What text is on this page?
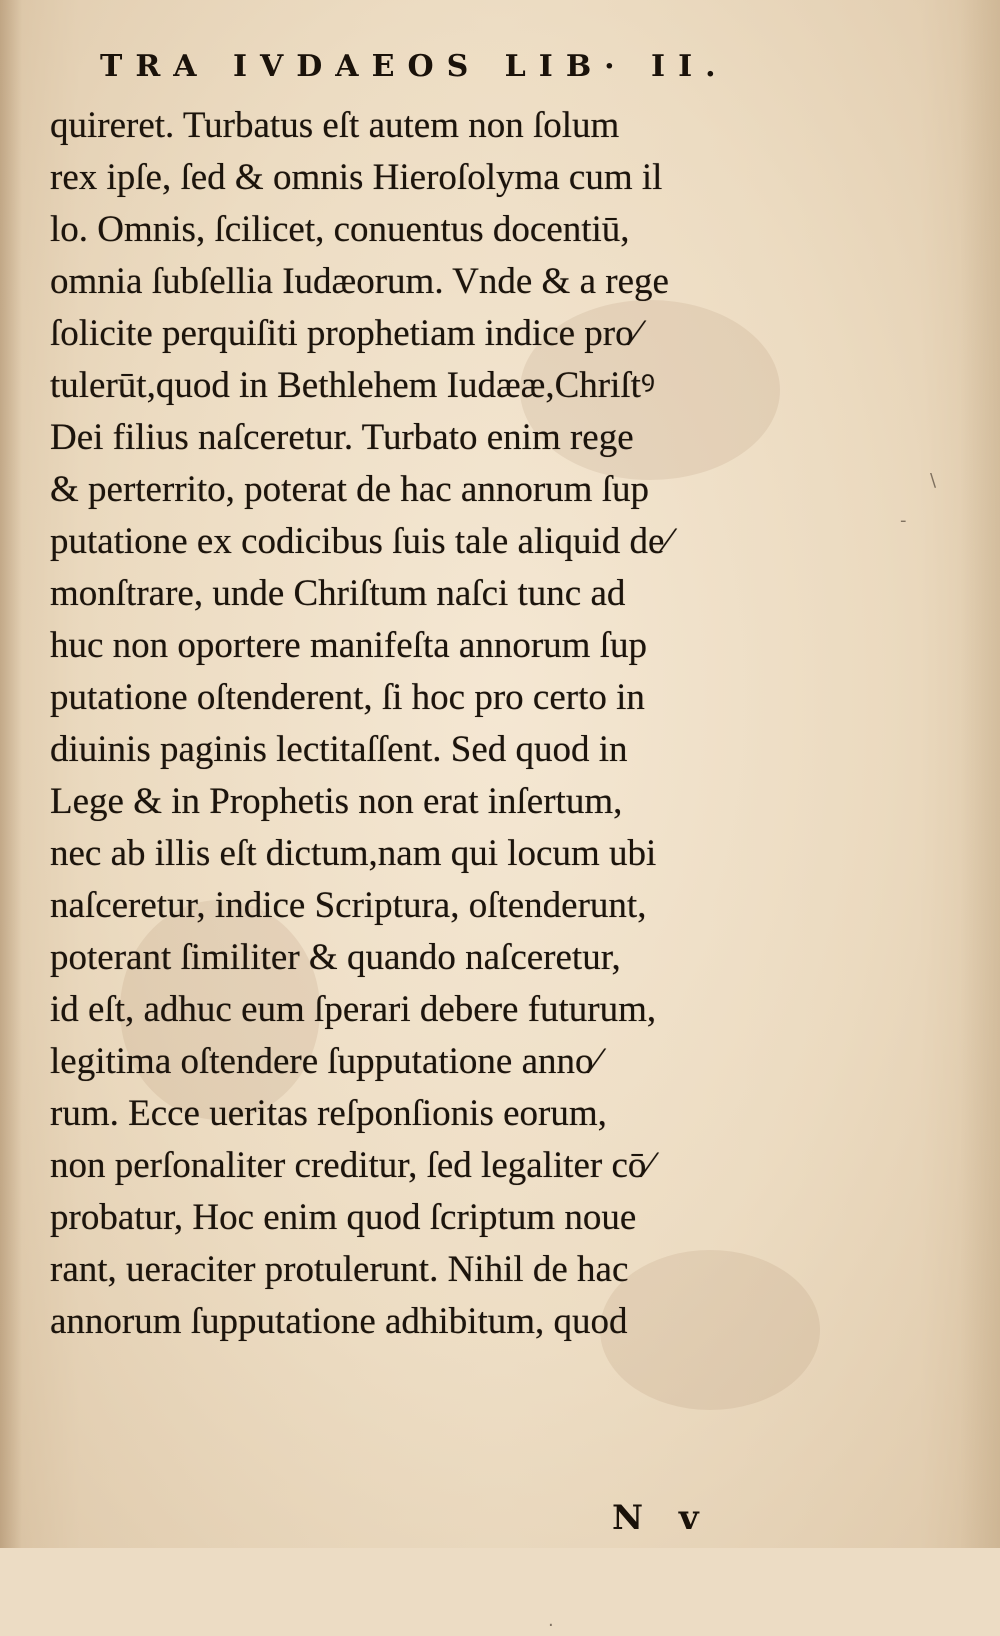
TRA IVDAEOS LIB· II.
quireret. Turbatus eſt autem non ſolum
rex ipſe, ſed & omnis Hieroſolyma cum il
lo. Omnis, ſcilicet, conuentus docentiū,
omnia ſubſellia Iudæorum. Vnde & a rege
ſolicite perquiſiti prophetiam indice pro⁄
tulerūt,quod in Bethlehem Iudææ,Chriſtꝰ
Dei filius naſceretur. Turbato enim rege
& perterrito, poterat de hac annorum ſup
putatione ex codicibus ſuis tale aliquid de⁄
monſtrare, unde Chriſtum naſci tunc ad
huc non oportere manifeſta annorum ſup
putatione oſtenderent, ſi hoc pro certo in
diuinis paginis lectitaſſent. Sed quod in
Lege & in Prophetis non erat inſertum,
nec ab illis eſt dictum,nam qui locum ubi
naſceretur, indice Scriptura, oſtenderunt,
poterant ſimiliter & quando naſceretur,
id eſt, adhuc eum ſperari debere futurum,
legitima oſtendere ſupputatione anno⁄
rum. Ecce ueritas reſponſionis eorum,
non perſonaliter creditur, ſed legaliter cō⁄
probatur, Hoc enim quod ſcriptum noue
rant, ueraciter protulerunt. Nihil de hac
annorum ſupputatione adhibitum, quod
\
-
·
N v
